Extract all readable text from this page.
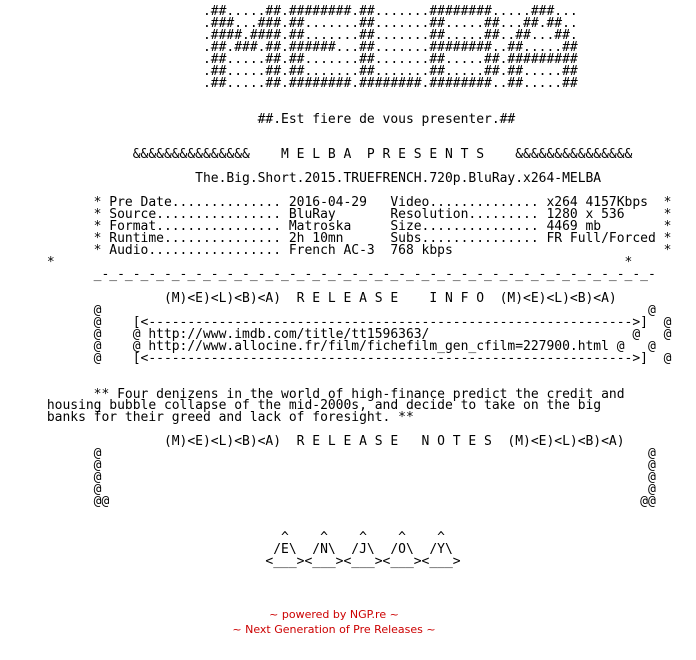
.##.....##.########.##.......########.....###...
.###...###.##.......##.......##.....##...##.##..
.####.####.##.......##.......##.....##..##...##.
.##.###.##.######...##.......########..##.....##
.##.....##.##.......##.......##.....##.#########
.##.....##.##.......##.......##.....##.##.....##
.##.....##.########.########.########..##.....##

##.Est fiere de vous presenter.##

&&&&&&&&&&&&&&&    M E L B A  P R E S E N T S    &&&&&&&&&&&&&&&

The.Big.Short.2015.TRUEFRENCH.720p.BluRay.x264-MELBA

* Pre Date.............. 2016-04-29   Video.............. x264 4157Kbps  *
* Source................ BluRay       Resolution......... 1280 x 536     *
* Format................ Matroska     Size............... 4469 mb        *
* Runtime............... 2h 10mn      Subs............... FR Full/Forced *
* Audio................. French AC-3  768 kbps                           *
*                                                                         *
_-_-_-_-_-_-_-_-_-_-_-_-_-_-_-_-_-_-_-_-_-_-_-_-_-_-_-_-_-_-_-_-_-_-_-_-

(M)<E)<L)<B)<A)  R E L E A S E    I N F O  (M)<E)<L)<B)<A)
@                                                                      @
@    [<-------------------------------------------------------------->]  @
@    @ http://www.imdb.com/title/tt1596363/                          @   @
@    @ http://www.allocine.fr/film/fichefilm_gen_cfilm=227900.html @   @
@    [<-------------------------------------------------------------->]  @

** Four denizens in the world of high-finance predict the credit and
housing bubble collapse of the mid-2000s, and decide to take on the big
banks for their greed and lack of foresight. **

(M)<E)<L)<B)<A)  R E L E A S E   N O T E S  (M)<E)<L)<B)<A)
@                                                                      @
@                                                                      @
@                                                                      @
@                                                                      @
@@                                                                    @@

^    ^    ^    ^    ^
/E\  /N\  /J\  /O\  /Y\
<___><___><___><___><___>
~ powered by NGP.re ~
~ Next Generation of Pre Releases ~
